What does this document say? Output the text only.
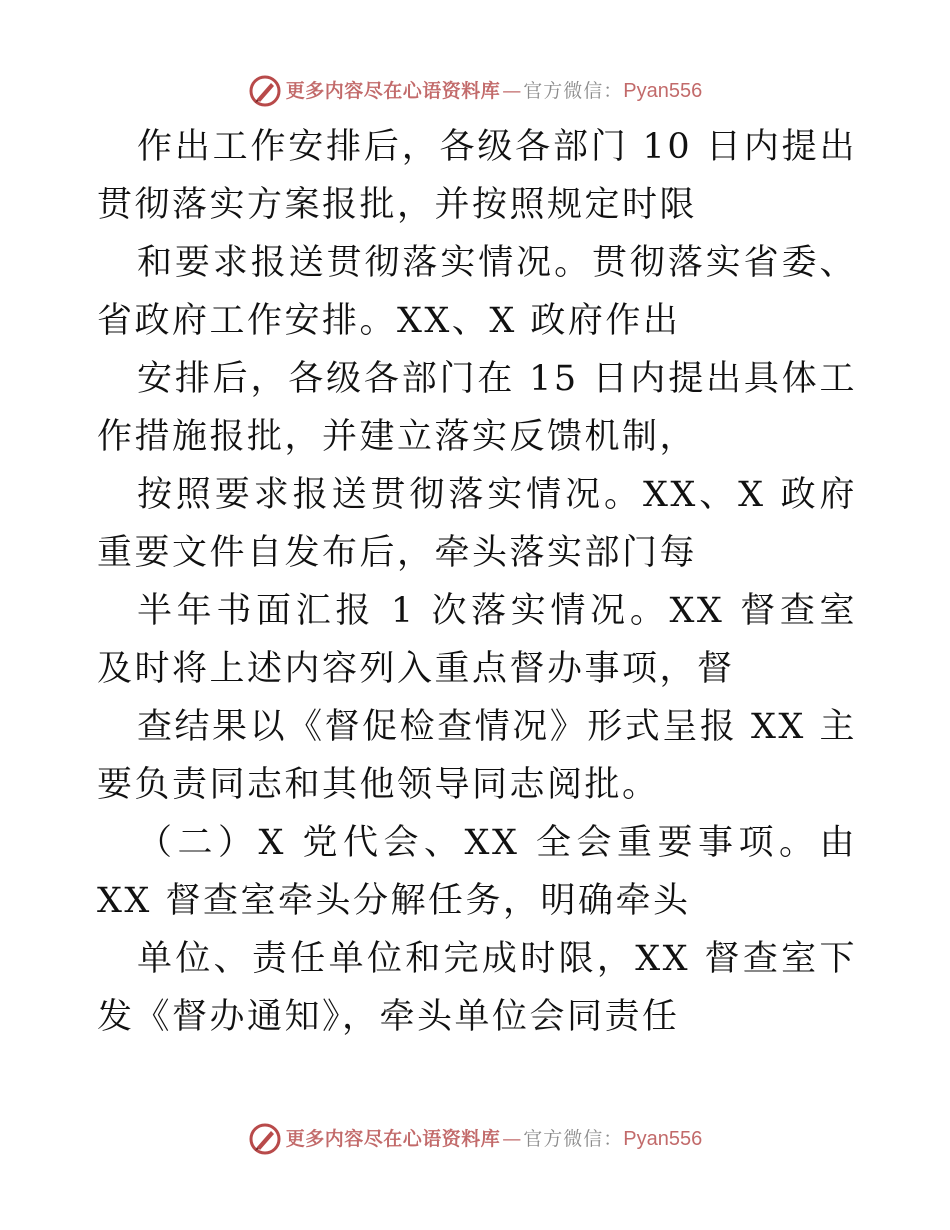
更多内容尽在心语资料库 — 官方微信： Pyan556

作出工作安排后，各级各部门 10 日内提出贯彻落实方案报批，并按照规定时限

和要求报送贯彻落实情况。贯彻落实省委、省政府工作安排。XX、X 政府作出

安排后，各级各部门在 15 日内提出具体工作措施报批，并建立落实反馈机制，

按照要求报送贯彻落实情况。XX、X 政府重要文件自发布后，牵头落实部门每

半年书面汇报 1 次落实情况。XX 督查室及时将上述内容列入重点督办事项，督

查结果以《督促检查情况》形式呈报 XX 主要负责同志和其他领导同志阅批。

（二）X 党代会、XX 全会重要事项。由 XX 督查室牵头分解任务，明确牵头

单位、责任单位和完成时限，XX 督查室下发《督办通知》，牵头单位会同责任

更多内容尽在心语资料库 — 官方微信： Pyan556
